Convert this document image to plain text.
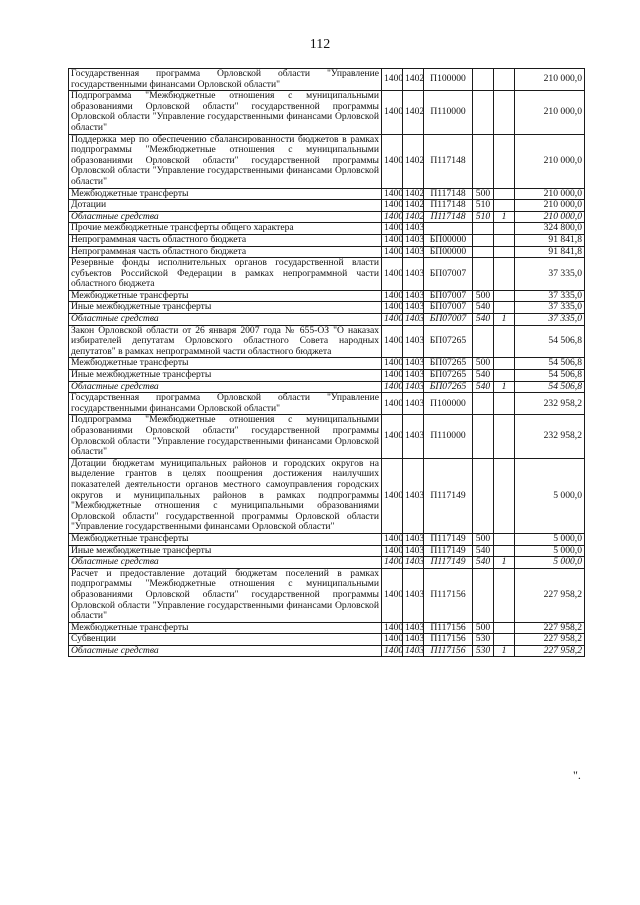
112
Государственная программа Орловской области "Управление государственными финансами Орловской области"	1400	1402	П100000			210 000,0
Подпрограмма "Межбюджетные отношения с муниципальными образованиями Орловской области" государственной программы Орловской области "Управление государственными финансами Орловской области"	1400	1402	П110000			210 000,0
Поддержка мер по обеспечению сбалансированности бюджетов в рамках подпрограммы "Межбюджетные отношения с муниципальными образованиями Орловской области" государственной программы Орловской области "Управление государственными финансами Орловской области"	1400	1402	П117148			210 000,0
Межбюджетные трансферты	1400	1402	П117148	500		210 000,0
Дотации	1400	1402	П117148	510		210 000,0
Областные средства	1400	1402	П117148	510	1	210 000,0
Прочие межбюджетные трансферты общего характера	1400	1403				324 800,0
Непрограммная часть областного бюджета	1400	1403	БП00000			91 841,8
Непрограммная часть областного бюджета	1400	1403	БП00000			91 841,8
Резервные фонды исполнительных органов государственной власти субъектов Российской Федерации в рамках непрограммной части областного бюджета	1400	1403	БП07007			37 335,0
Межбюджетные трансферты	1400	1403	БП07007	500		37 335,0
Иные межбюджетные трансферты	1400	1403	БП07007	540		37 335,0
Областные средства	1400	1403	БП07007	540	1	37 335,0
Закон Орловской области от 26 января 2007 года № 655-ОЗ "О наказах избирателей депутатам Орловского областного Совета народных депутатов" в рамках непрограммной части областного бюджета	1400	1403	БП07265			54 506,8
Межбюджетные трансферты	1400	1403	БП07265	500		54 506,8
Иные межбюджетные трансферты	1400	1403	БП07265	540		54 506,8
Областные средства	1400	1403	БП07265	540	1	54 506,8
Государственная программа Орловской области "Управление государственными финансами Орловской области"	1400	1403	П100000			232 958,2
Подпрограмма "Межбюджетные отношения с муниципальными образованиями Орловской области" государственной программы Орловской области "Управление государственными финансами Орловской области"	1400	1403	П110000			232 958,2
Дотации бюджетам муниципальных районов и городских округов на выделение грантов в целях поощрения достижения наилучших показателей деятельности органов местного самоуправления городских округов и муниципальных районов в рамках подпрограммы "Межбюджетные отношения с муниципальными образованиями Орловской области" государственной программы Орловской области "Управление государственными финансами Орловской области"	1400	1403	П117149			5 000,0
Межбюджетные трансферты	1400	1403	П117149	500		5 000,0
Иные межбюджетные трансферты	1400	1403	П117149	540		5 000,0
Областные средства	1400	1403	П117149	540	1	5 000,0
Расчет и предоставление дотаций бюджетам поселений в рамках подпрограммы "Межбюджетные отношения с муниципальными образованиями Орловской области" государственной программы Орловской области "Управление государственными финансами Орловской области"	1400	1403	П117156			227 958,2
Межбюджетные трансферты	1400	1403	П117156	500		227 958,2
Субвенции	1400	1403	П117156	530		227 958,2
Областные средства	1400	1403	П117156	530	1	227 958,2
".
